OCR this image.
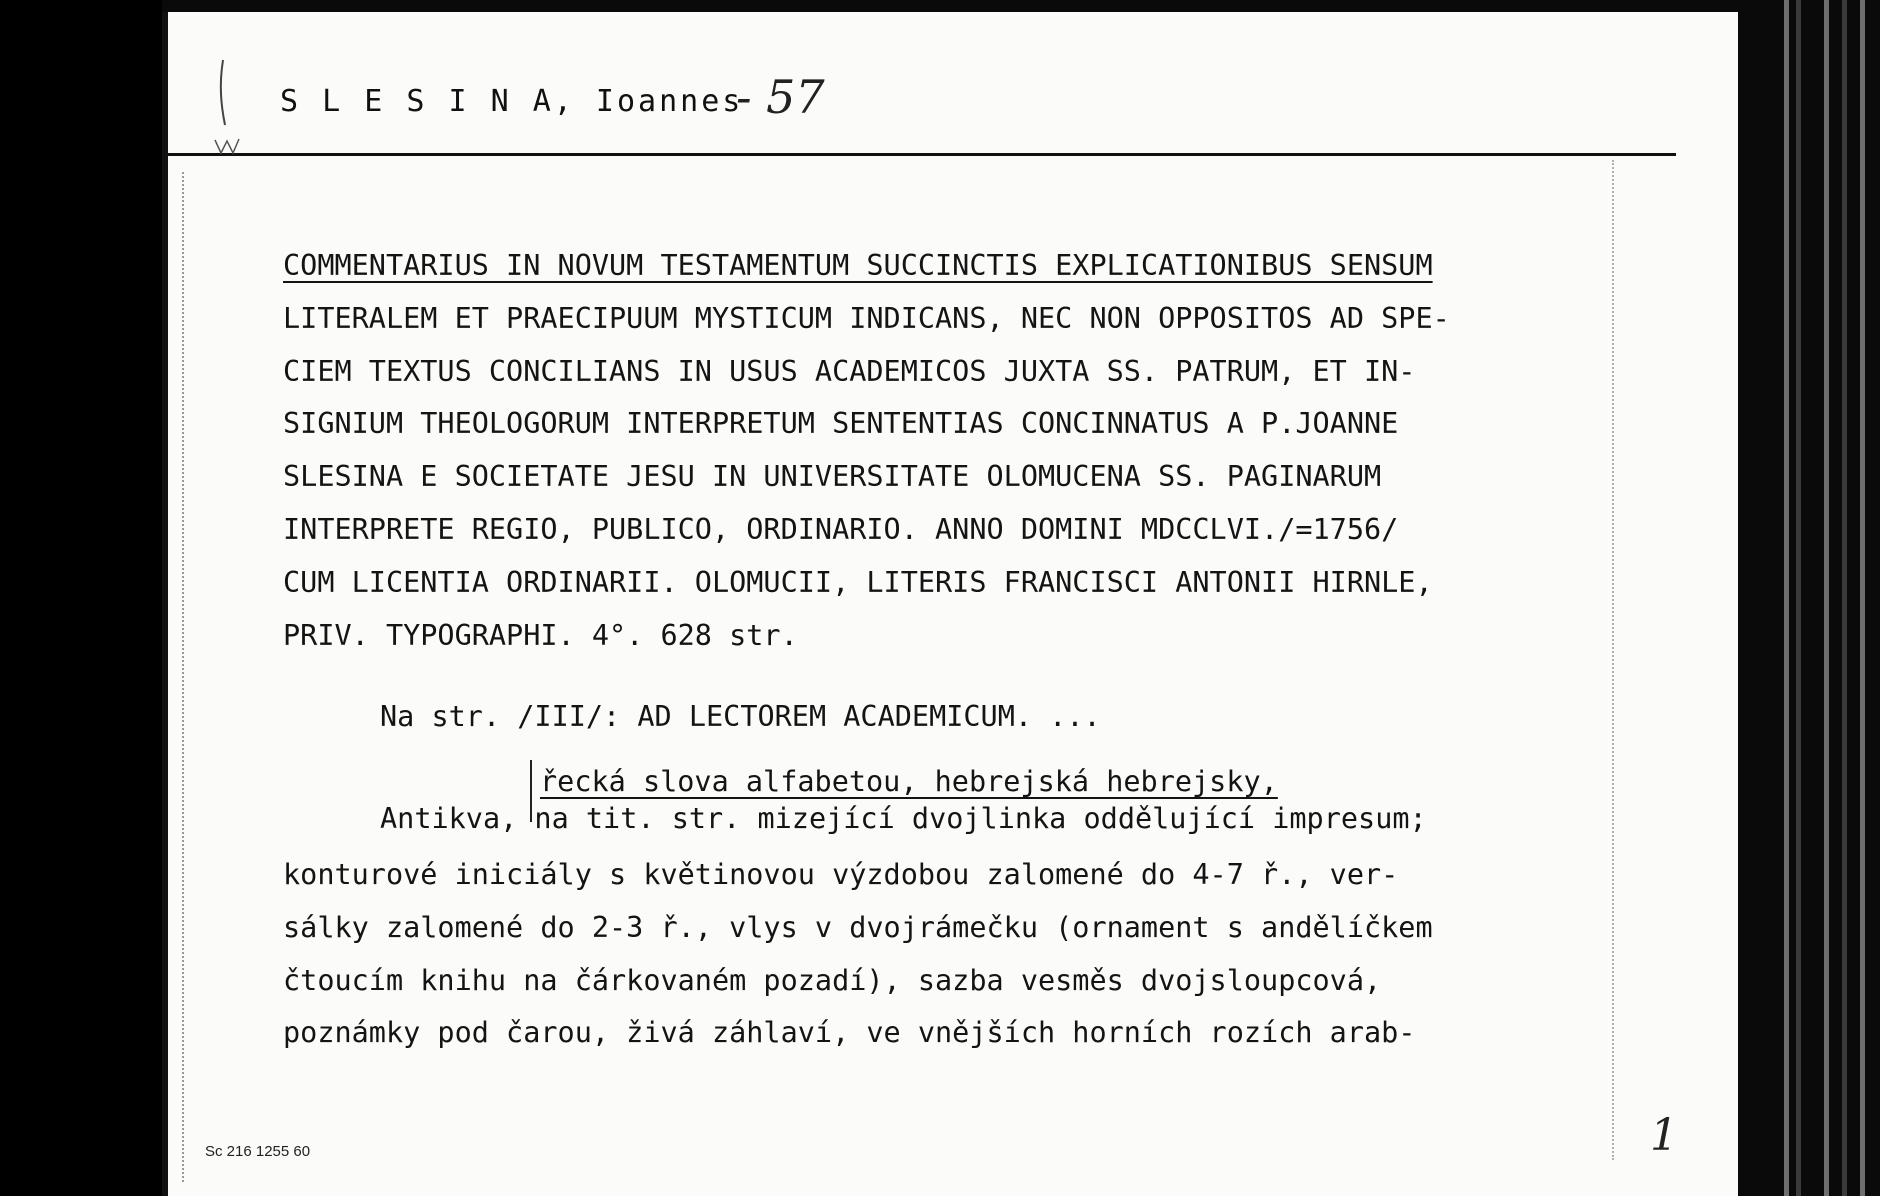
S L E S I N A, Ioannes
- 57
COMMENTARIUS IN NOVUM TESTAMENTUM SUCCINCTIS EXPLICATIONIBUS SENSUM
LITERALEM ET PRAECIPUUM MYSTICUM INDICANS, NEC NON OPPOSITOS AD SPE-
CIEM TEXTUS CONCILIANS IN USUS ACADEMICOS JUXTA SS. PATRUM, ET IN-
SIGNIUM THEOLOGORUM INTERPRETUM SENTENTIAS CONCINNATUS A P.JOANNE
SLESINA E SOCIETATE JESU IN UNIVERSITATE OLOMUCENA SS. PAGINARUM
INTERPRETE REGIO, PUBLICO, ORDINARIO. ANNO DOMINI MDCCLVI./=1756/
CUM LICENTIA ORDINARII. OLOMUCII, LITERIS FRANCISCI ANTONII HIRNLE,
PRIV. TYPOGRAPHI. 4°. 628 str.
Na str. /III/: AD LECTOREM ACADEMICUM. ...
řecká slova alfabetou, hebrejská hebrejsky,
Antikva, na tit. str. mizející dvojlinka oddělující impresum;
konturové iniciály s květinovou výzdobou zalomené do 4-7 ř., ver-
sálky zalomené do 2-3 ř., vlys v dvojrámečku (ornament s andělíčkem
čtoucím knihu na čárkovaném pozadí), sazba vesměs dvojsloupcová,
poznámky pod čarou, živá záhlaví, ve vnějších horních rozích arab-
Sc 216 1255 60	1
